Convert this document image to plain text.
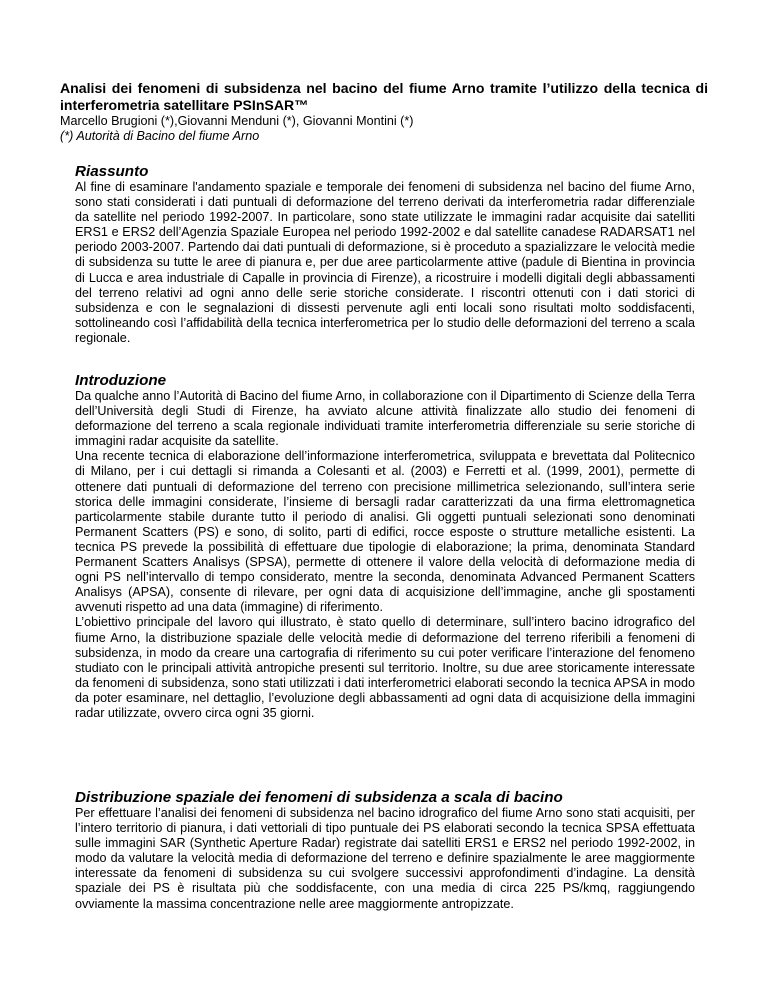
Analisi dei fenomeni di subsidenza nel bacino del fiume Arno tramite l’utilizzo della tecnica di interferometria satellitare PSInSAR™

Marcello Brugioni (*),Giovanni Menduni (*), Giovanni Montini (*)

(*) Autorità di Bacino del fiume Arno

Riassunto

Al fine di esaminare l'andamento spaziale e temporale dei fenomeni di subsidenza nel bacino del fiume Arno, sono stati considerati i dati puntuali di deformazione del terreno derivati da interferometria radar differenziale da satellite nel periodo 1992-2007. In particolare, sono state utilizzate le immagini radar acquisite dai satelliti ERS1 e ERS2 dell’Agenzia Spaziale Europea nel periodo 1992-2002 e dal satellite canadese RADARSAT1 nel periodo 2003-2007. Partendo dai dati puntuali di deformazione, si è proceduto a spazializzare le velocità medie di subsidenza su tutte le aree di pianura e, per due aree particolarmente attive (padule di Bientina in provincia di Lucca e area industriale di Capalle in provincia di Firenze), a ricostruire i modelli digitali degli abbassamenti del terreno relativi ad ogni anno delle serie storiche considerate. I riscontri ottenuti con i dati storici di subsidenza e con le segnalazioni di dissesti pervenute agli enti locali sono risultati molto soddisfacenti, sottolineando così l’affidabilità della tecnica interferometrica per lo studio delle deformazioni del terreno a scala regionale.

Introduzione

Da qualche anno l’Autorità di Bacino del fiume Arno, in collaborazione con il Dipartimento di Scienze della Terra dell’Università degli Studi di Firenze, ha avviato alcune attività finalizzate allo studio dei fenomeni di deformazione del terreno a scala regionale individuati tramite interferometria differenziale su serie storiche di immagini radar acquisite da satellite.

Una recente tecnica di elaborazione dell’informazione interferometrica, sviluppata e brevettata dal Politecnico di Milano, per i cui dettagli si rimanda a Colesanti et al. (2003) e Ferretti et al. (1999, 2001), permette di ottenere dati puntuali di deformazione del terreno con precisione millimetrica selezionando, sull’intera serie storica delle immagini considerate, l’insieme di bersagli radar caratterizzati da una firma elettromagnetica particolarmente stabile durante tutto il periodo di analisi. Gli oggetti puntuali selezionati sono denominati Permanent Scatters (PS) e sono, di solito, parti di edifici, rocce esposte o strutture metalliche esistenti. La tecnica PS prevede la possibilità di effettuare due tipologie di elaborazione; la prima, denominata Standard Permanent Scatters Analisys (SPSA), permette di ottenere il valore della velocità di deformazione media di ogni PS nell’intervallo di tempo considerato, mentre la seconda, denominata Advanced Permanent Scatters Analisys (APSA), consente di rilevare, per ogni data di acquisizione dell’immagine, anche gli spostamenti avvenuti rispetto ad una data (immagine) di riferimento.

L’obiettivo principale del lavoro qui illustrato, è stato quello di determinare, sull’intero bacino idrografico del fiume Arno, la distribuzione spaziale delle velocità medie di deformazione del terreno riferibili a fenomeni di subsidenza, in modo da creare una cartografia di riferimento su cui poter verificare l’interazione del fenomeno studiato con le principali attività antropiche presenti sul territorio. Inoltre, su due aree storicamente interessate da fenomeni di subsidenza, sono stati utilizzati i dati interferometrici elaborati secondo la tecnica APSA in modo da poter esaminare, nel dettaglio, l’evoluzione degli abbassamenti ad ogni data di acquisizione della immagini radar utilizzate, ovvero circa ogni 35 giorni.

Distribuzione spaziale dei fenomeni di subsidenza a scala di bacino

Per effettuare l’analisi dei fenomeni di subsidenza nel bacino idrografico del fiume Arno sono stati acquisiti, per l’intero territorio di pianura, i dati vettoriali di tipo puntuale dei PS elaborati secondo la tecnica SPSA effettuata sulle immagini SAR (Synthetic Aperture Radar) registrate dai satelliti ERS1 e ERS2 nel periodo 1992-2002, in modo da valutare la velocità media di deformazione del terreno e definire spazialmente le aree maggiormente interessate da fenomeni di subsidenza su cui svolgere successivi approfondimenti d’indagine. La densità spaziale dei PS è risultata più che soddisfacente, con una media di circa 225 PS/kmq, raggiungendo ovviamente la massima concentrazione nelle aree maggiormente antropizzate.
